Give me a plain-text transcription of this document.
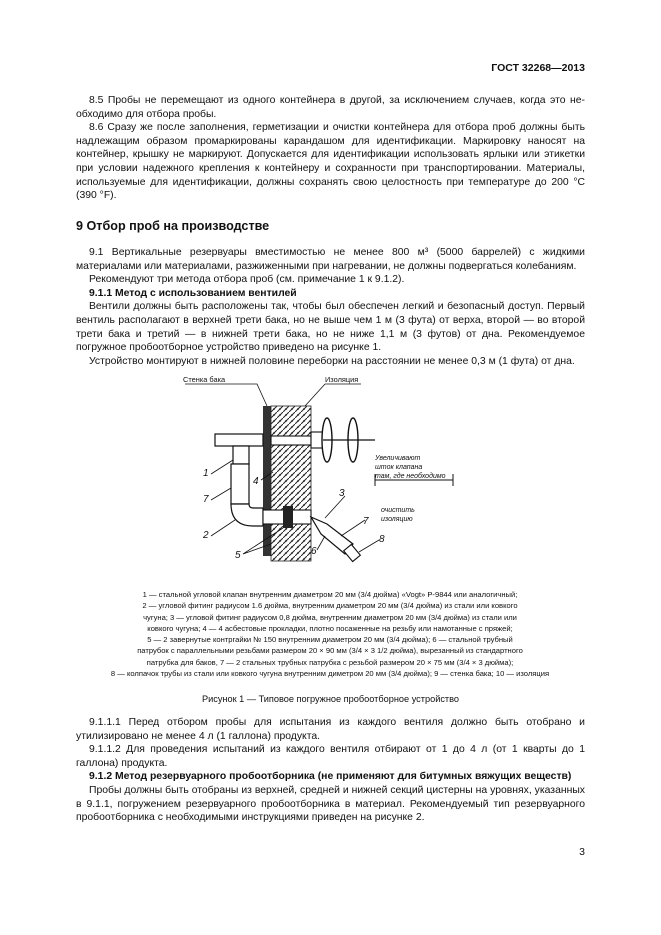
ГОСТ 32268—2013

8.5 Пробы не перемещают из одного контейнера в другой, за исключением случаев, когда это не-обходимо для отбора пробы.

8.6 Сразу же после заполнения, герметизации и очистки контейнера для отбора проб должны быть надлежащим образом промаркированы карандашом для идентификации. Маркировку наносят на контейнер, крышку не маркируют. Допускается для идентификации использовать ярлыки или этикетки при условии надежного крепления к контейнеру и сохранности при транспортировании. Материалы, используемые для идентификации, должны сохранять свою целостность при температуре до 200 °С (390 °F).

9 Отбор проб на производстве

9.1 Вертикальные резервуары вместимостью не менее 800 м³ (5000 баррелей) с жидкими материалами или материалами, разжиженными при нагревании, не должны подвергаться колебаниям.

Рекомендуют три метода отбора проб (см. примечание 1 к 9.1.2).

9.1.1 Метод с использованием вентилей

Вентили должны быть расположены так, чтобы был обеспечен легкий и безопасный доступ. Первый вентиль располагают в верхней трети бака, но не выше чем 1 м (3 фута) от верха, второй — во второй трети бака и третий — в нижней трети бака, но не ниже 1,1 м (3 футов) от дна. Рекомендуемое погружное пробоотборное устройство приведено на рисунке 1.

Устройство монтируют в нижней половине переборки на расстоянии не менее 0,3 м (1 фута) от дна.

Стенка бака	Изоляция
Увеличивают
шток клапана
там, где необходимо
очистить
изоляцию
1
7
4
2
5
3
7
6
8
1 — стальной угловой клапан внутренним диаметром 20 мм (3/4 дюйма) «Vogt» Р-9844 или аналогичный;
2 — угловой фитинг радиусом 1.6 дюйма, внутренним диаметром 20 мм (3/4 дюйма) из стали или ковкого
чугуна; 3 — угловой фитинг радиусом 0,8 дюйма, внутренним диаметром 20 мм (3/4 дюйма) из стали или
ковкого чугуна; 4 — 4 асбестовые прокладки, плотно посаженные на резьбу или намотанные с пряжей;
5 — 2 завернутые контргайки № 150 внутренним диаметром 20 мм (3/4 дюйма); 6 — стальной трубный
патрубок с параллельными резьбами размером 20 × 90 мм (3/4 × 3 1/2 дюйма), вырезанный из стандартного
патрубка для баков, 7 — 2 стальных трубных патрубка с резьбой размером 20 × 75 мм (3/4 × 3 дюйма);
8 — колпачок трубы из стали или ковкого чугуна внутренним диметром 20 мм (3/4 дюйма); 9 — стенка бака; 10 — изоляция
Рисунок 1 — Типовое погружное пробоотборное устройство

9.1.1.1 Перед отбором пробы для испытания из каждого вентиля должно быть отобрано и утилизировано не менее 4 л (1 галлона) продукта.

9.1.1.2 Для проведения испытаний из каждого вентиля отбирают от 1 до 4 л (от 1 кварты до 1 галлона) продукта.

9.1.2 Метод резервуарного пробоотборника (не применяют для битумных вяжущих веществ)

Пробы должны быть отобраны из верхней, средней и нижней секций цистерны на уровнях, указанных в 9.1.1, погружением резервуарного пробоотборника в материал. Рекомендуемый тип резервуарного пробоотборника с необходимыми инструкциями приведен на рисунке 2.

3
